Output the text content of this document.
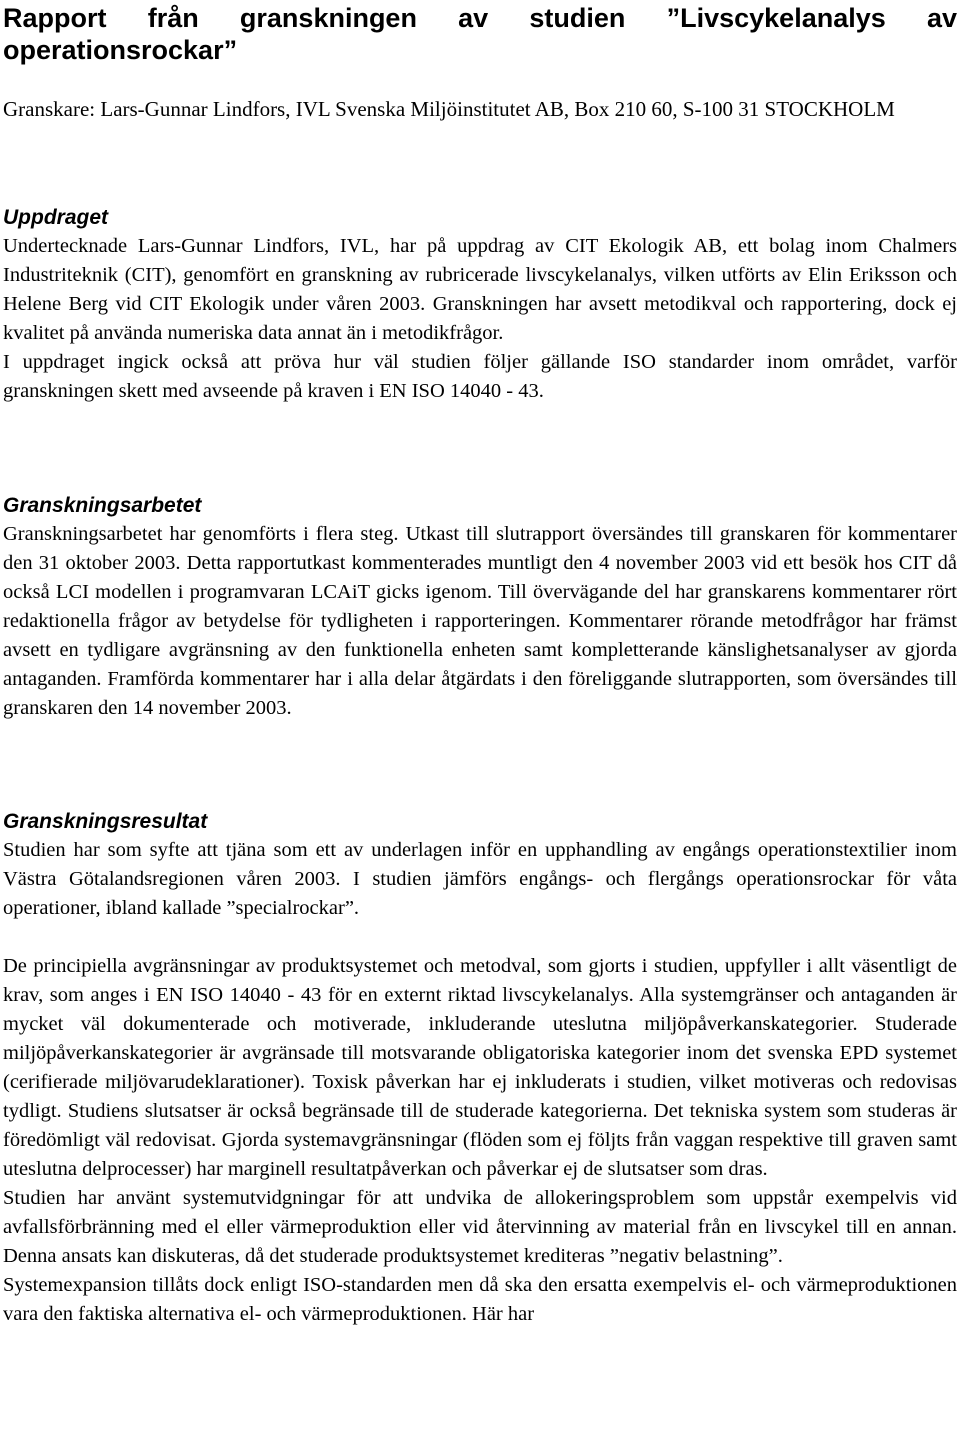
Rapport från granskningen av studien ”Livscykelanalys av operationsrockar”
Granskare: Lars-Gunnar Lindfors, IVL Svenska Miljöinstitutet AB, Box 210 60, S-100 31 STOCKHOLM
Uppdraget

Undertecknade Lars-Gunnar Lindfors, IVL, har på uppdrag av CIT Ekologik AB, ett bolag inom Chalmers Industriteknik (CIT), genomfört en granskning av rubricerade livscykelanalys, vilken utförts av Elin Eriksson och Helene Berg vid CIT Ekologik under våren 2003. Granskningen har avsett metodikval och rapportering, dock ej kvalitet på använda numeriska data annat än i metodikfrågor.

I uppdraget ingick också att pröva hur väl studien följer gällande ISO standarder inom området, varför granskningen skett med avseende på kraven i EN ISO 14040 - 43.

Granskningsarbetet

Granskningsarbetet har genomförts i flera steg. Utkast till slutrapport översändes till granskaren för kommentarer den 31 oktober 2003. Detta rapportutkast kommenterades muntligt den 4 november 2003 vid ett besök hos CIT då också LCI modellen i programvaran LCAiT gicks igenom. Till övervägande del har granskarens kommentarer rört redaktionella frågor av betydelse för tydligheten i rapporteringen. Kommentarer rörande metodfrågor har främst avsett en tydligare avgränsning av den funktionella enheten samt kompletterande känslighetsanalyser av gjorda antaganden. Framförda kommentarer har i alla delar åtgärdats i den föreliggande slutrapporten, som översändes till granskaren den 14 november 2003.

Granskningsresultat

Studien har som syfte att tjäna som ett av underlagen inför en upphandling av engångs operationstextilier inom Västra Götalandsregionen våren 2003. I studien jämförs engångs- och flergångs operationsrockar för våta operationer, ibland kallade ”specialrockar”.

De principiella avgränsningar av produktsystemet och metodval, som gjorts i studien, uppfyller i allt väsentligt de krav, som anges i EN ISO 14040 - 43 för en externt riktad livscykelanalys. Alla systemgränser och antaganden är mycket väl dokumenterade och motiverade, inkluderande uteslutna miljöpåverkanskategorier. Studerade miljöpåverkanskategorier är avgränsade till motsvarande obligatoriska kategorier inom det svenska EPD systemet (cerifierade miljövarudeklarationer). Toxisk påverkan har ej inkluderats i studien, vilket motiveras och redovisas tydligt. Studiens slutsatser är också begränsade till de studerade kategorierna. Det tekniska system som studeras är föredömligt väl redovisat. Gjorda systemavgränsningar (flöden som ej följts från vaggan respektive till graven samt uteslutna delprocesser) har marginell resultatpåverkan och påverkar ej de slutsatser som dras.

Studien har använt systemutvidgningar för att undvika de allokeringsproblem som uppstår exempelvis vid avfallsförbränning med el eller värmeproduktion eller vid återvinning av material från en livscykel till en annan. Denna ansats kan diskuteras, då det studerade produktsystemet krediteras ”negativ belastning”.

Systemexpansion tillåts dock enligt ISO-standarden men då ska den ersatta exempelvis el- och värmeproduktionen vara den faktiska alternativa el- och värmeproduktionen. Här har
